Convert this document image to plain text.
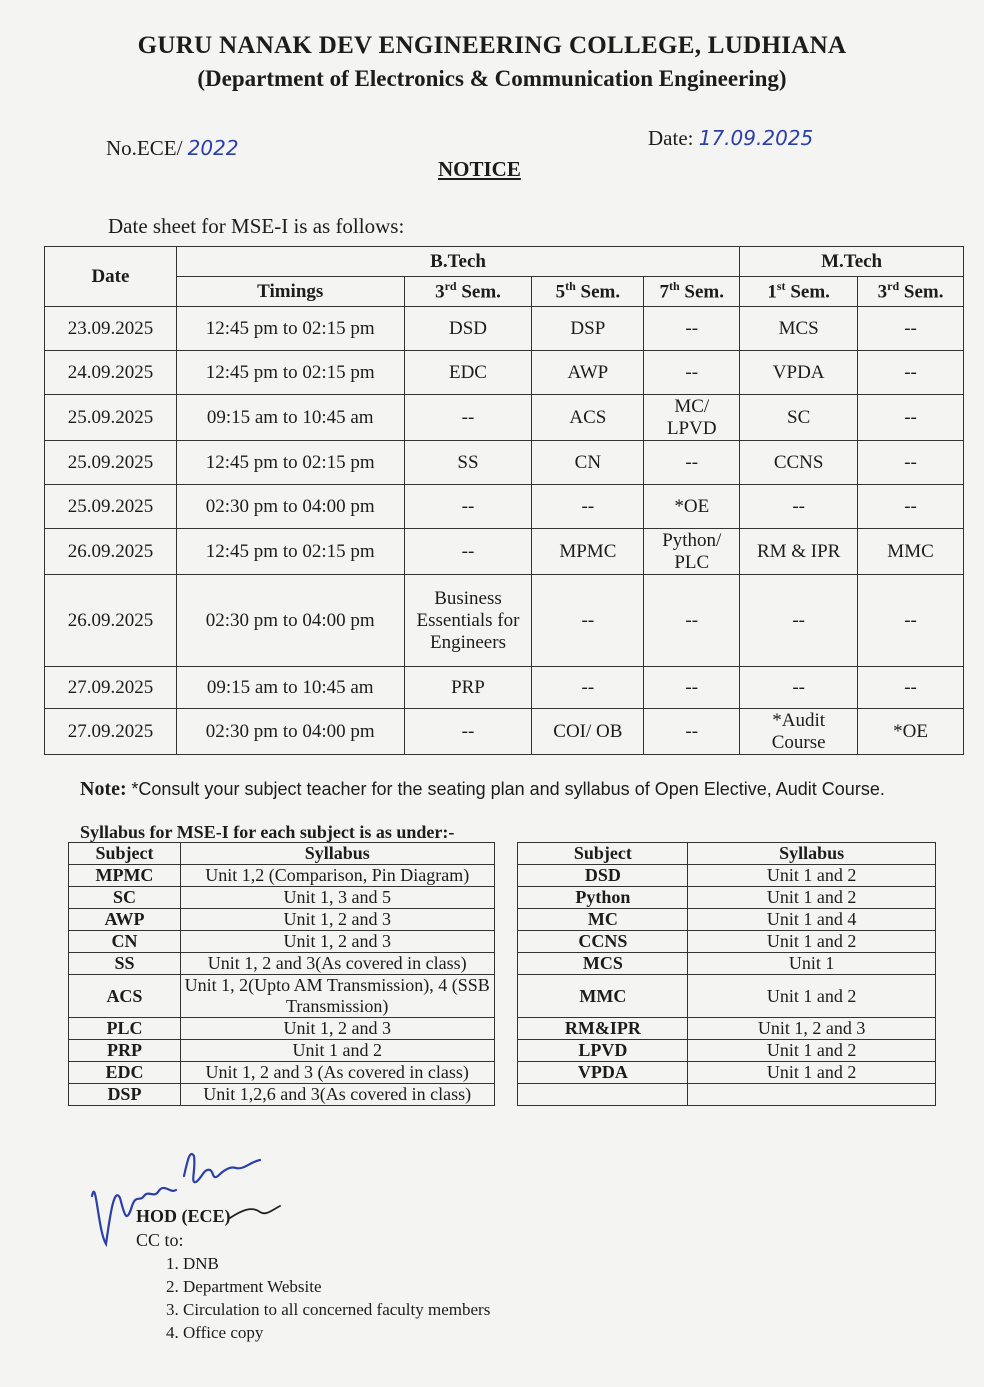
GURU NANAK DEV ENGINEERING COLLEGE, LUDHIANA
(Department of Electronics & Communication Engineering)
No.ECE/ 2022	Date: 17.09.2025
NOTICE
Date sheet for MSE-I is as follows:
Date	B.Tech				M.Tech	
	Timings	3rd Sem.	5th Sem.	7th Sem.	1st Sem.	3rd Sem.
23.09.2025	12:45 pm to 02:15 pm	DSD	DSP	--	MCS	--
24.09.2025	12:45 pm to 02:15 pm	EDC	AWP	--	VPDA	--
25.09.2025	09:15 am to 10:45 am	--	ACS	MC/ LPVD	SC	--
25.09.2025	12:45 pm to 02:15 pm	SS	CN	--	CCNS	--
25.09.2025	02:30 pm to 04:00 pm	--	--	*OE	--	--
26.09.2025	12:45 pm to 02:15 pm	--	MPMC	Python/ PLC	RM & IPR	MMC
26.09.2025	02:30 pm to 04:00 pm	Business Essentials for Engineers	--	--	--	--
27.09.2025	09:15 am to 10:45 am	PRP	--	--	--	--
27.09.2025	02:30 pm to 04:00 pm	--	COI/ OB	--	*Audit Course	*OE
Note: *Consult your subject teacher for the seating plan and syllabus of Open Elective, Audit Course.
Syllabus for MSE-I for each subject is as under:-
Subject	Syllabus		Subject	Syllabus
MPMC	Unit 1,2 (Comparison, Pin Diagram)		DSD	Unit 1 and 2
SC	Unit 1, 3 and 5		Python	Unit 1 and 2
AWP	Unit 1, 2 and 3		MC	Unit 1 and 4
CN	Unit 1, 2 and 3		CCNS	Unit 1 and 2
SS	Unit 1, 2 and 3(As covered in class)		MCS	Unit 1
ACS	Unit 1, 2(Upto AM Transmission), 4 (SSB Transmission)		MMC	Unit 1 and 2
PLC	Unit 1, 2 and 3		RM&IPR	Unit 1, 2 and 3
PRP	Unit 1 and 2		LPVD	Unit 1 and 2
EDC	Unit 1, 2 and 3 (As covered in class)		VPDA	Unit 1 and 2
DSP	Unit 1,2,6 and 3(As covered in class)			
HOD (ECE)
CC to:
1. DNB
2. Department Website
3. Circulation to all concerned faculty members
4. Office copy
